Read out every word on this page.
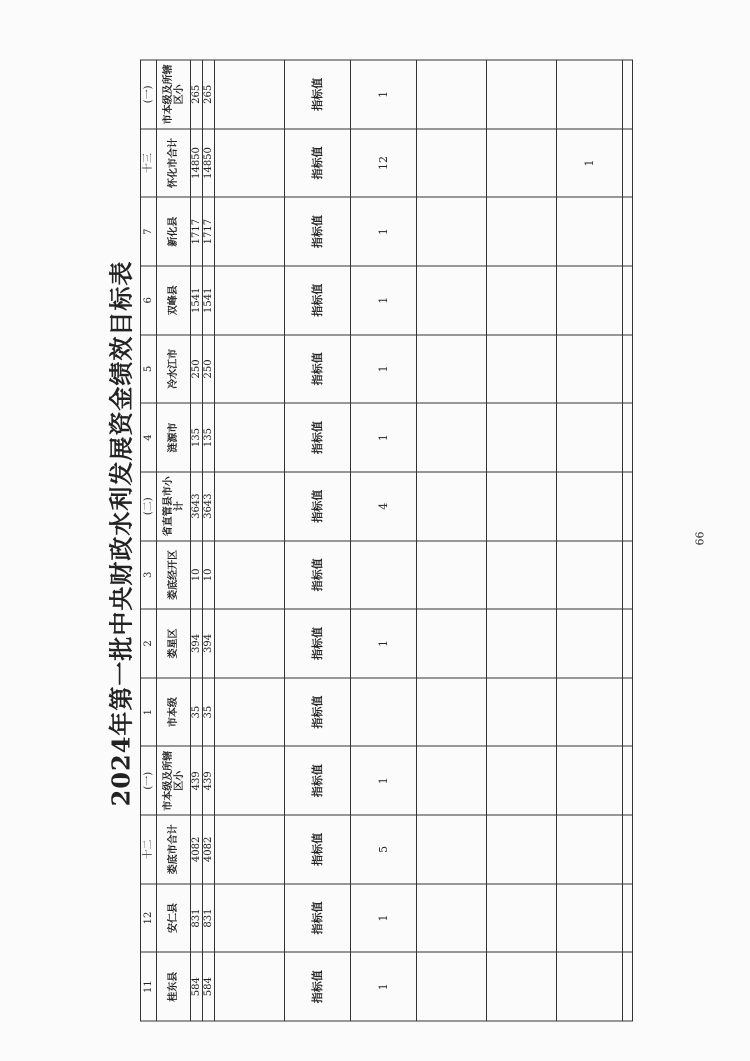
2024年第一批中央财政水利发展资金绩效目标表
11	12	十二	(一)	1	2	3	(二)	4	5	6	7	十三	(一)
桂东县	安仁县	娄底市合计	市本级及所辖区小	市本级	娄星区	娄底经开区	省直管县市小计	涟源市	冷水江市	双峰县	新化县	怀化市合计	市本级及所辖区小
584	831	4082	439	35	394	10	3643	135	250	1541	1717	14850	265
584	831	4082	439	35	394	10	3643	135	250	1541	1717	14850	265

指标值	指标值	指标值	指标值	指标值	指标值	指标值	指标值	指标值	指标值	指标值	指标值	指标值	指标值
1	1	5	1		1		4	1	1	1	1	12	1

												1	

66
